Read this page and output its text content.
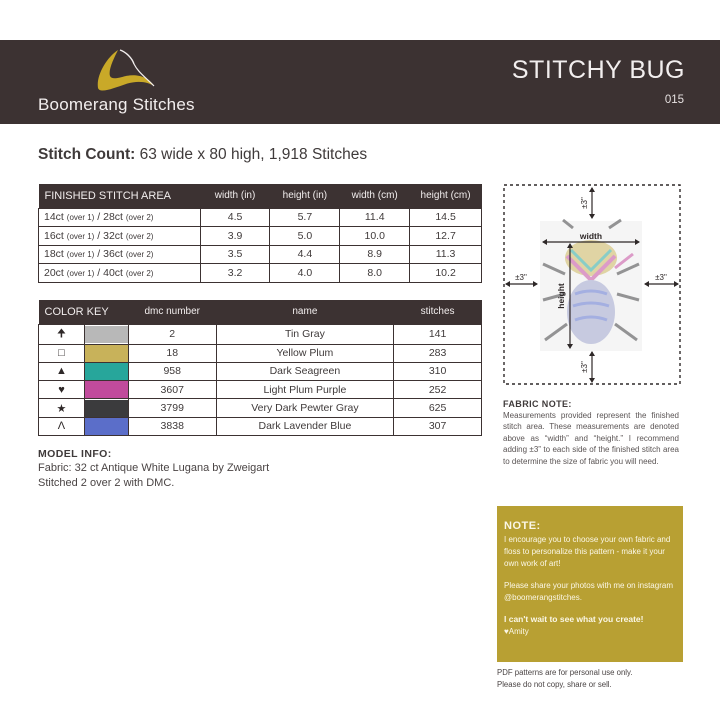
Boomerang Stitches
STITCHY BUG
015
Stitch Count: 63 wide x 80 high, 1,918 Stitches
FINISHED STITCH AREA	width (in)	height (in)	width (cm)	height (cm)
14ct (over 1) / 28ct (over 2)	4.5	5.7	11.4	14.5
16ct (over 1) / 32ct (over 2)	3.9	5.0	10.0	12.7
18ct (over 1) / 36ct (over 2)	3.5	4.4	8.9	11.3
20ct (over 1) / 40ct (over 2)	3.2	4.0	8.0	10.2
COLOR KEY		dmc number	name	stitches
🠉		2	Tin Gray	141
□		18	Yellow Plum	283
▲		958	Dark Seagreen	310
♥		3607	Light Plum Purple	252
★		3799	Very Dark Pewter Gray	625
Λ		3838	Dark Lavender Blue	307
MODEL INFO:
Fabric: 32 ct Antique White Lugana by Zweigart
Stitched 2 over 2 with DMC.
±3"
±3"
±3"	±3"
width
height
FABRIC NOTE:
Measurements provided represent the finished stitch area. These measurements are denoted above as “width” and “height.” I recommend adding ±3” to each side of the finished stitch area to determine the size of fabric you will need.
NOTE:
I encourage you to choose your own fabric and floss to personalize this pattern - make it your own work of art!
Please share your photos with me on instagram @boomerangstitches.
I can't wait to see what you create!
♥Amity
PDF patterns are for personal use only.
Please do not copy, share or sell.
